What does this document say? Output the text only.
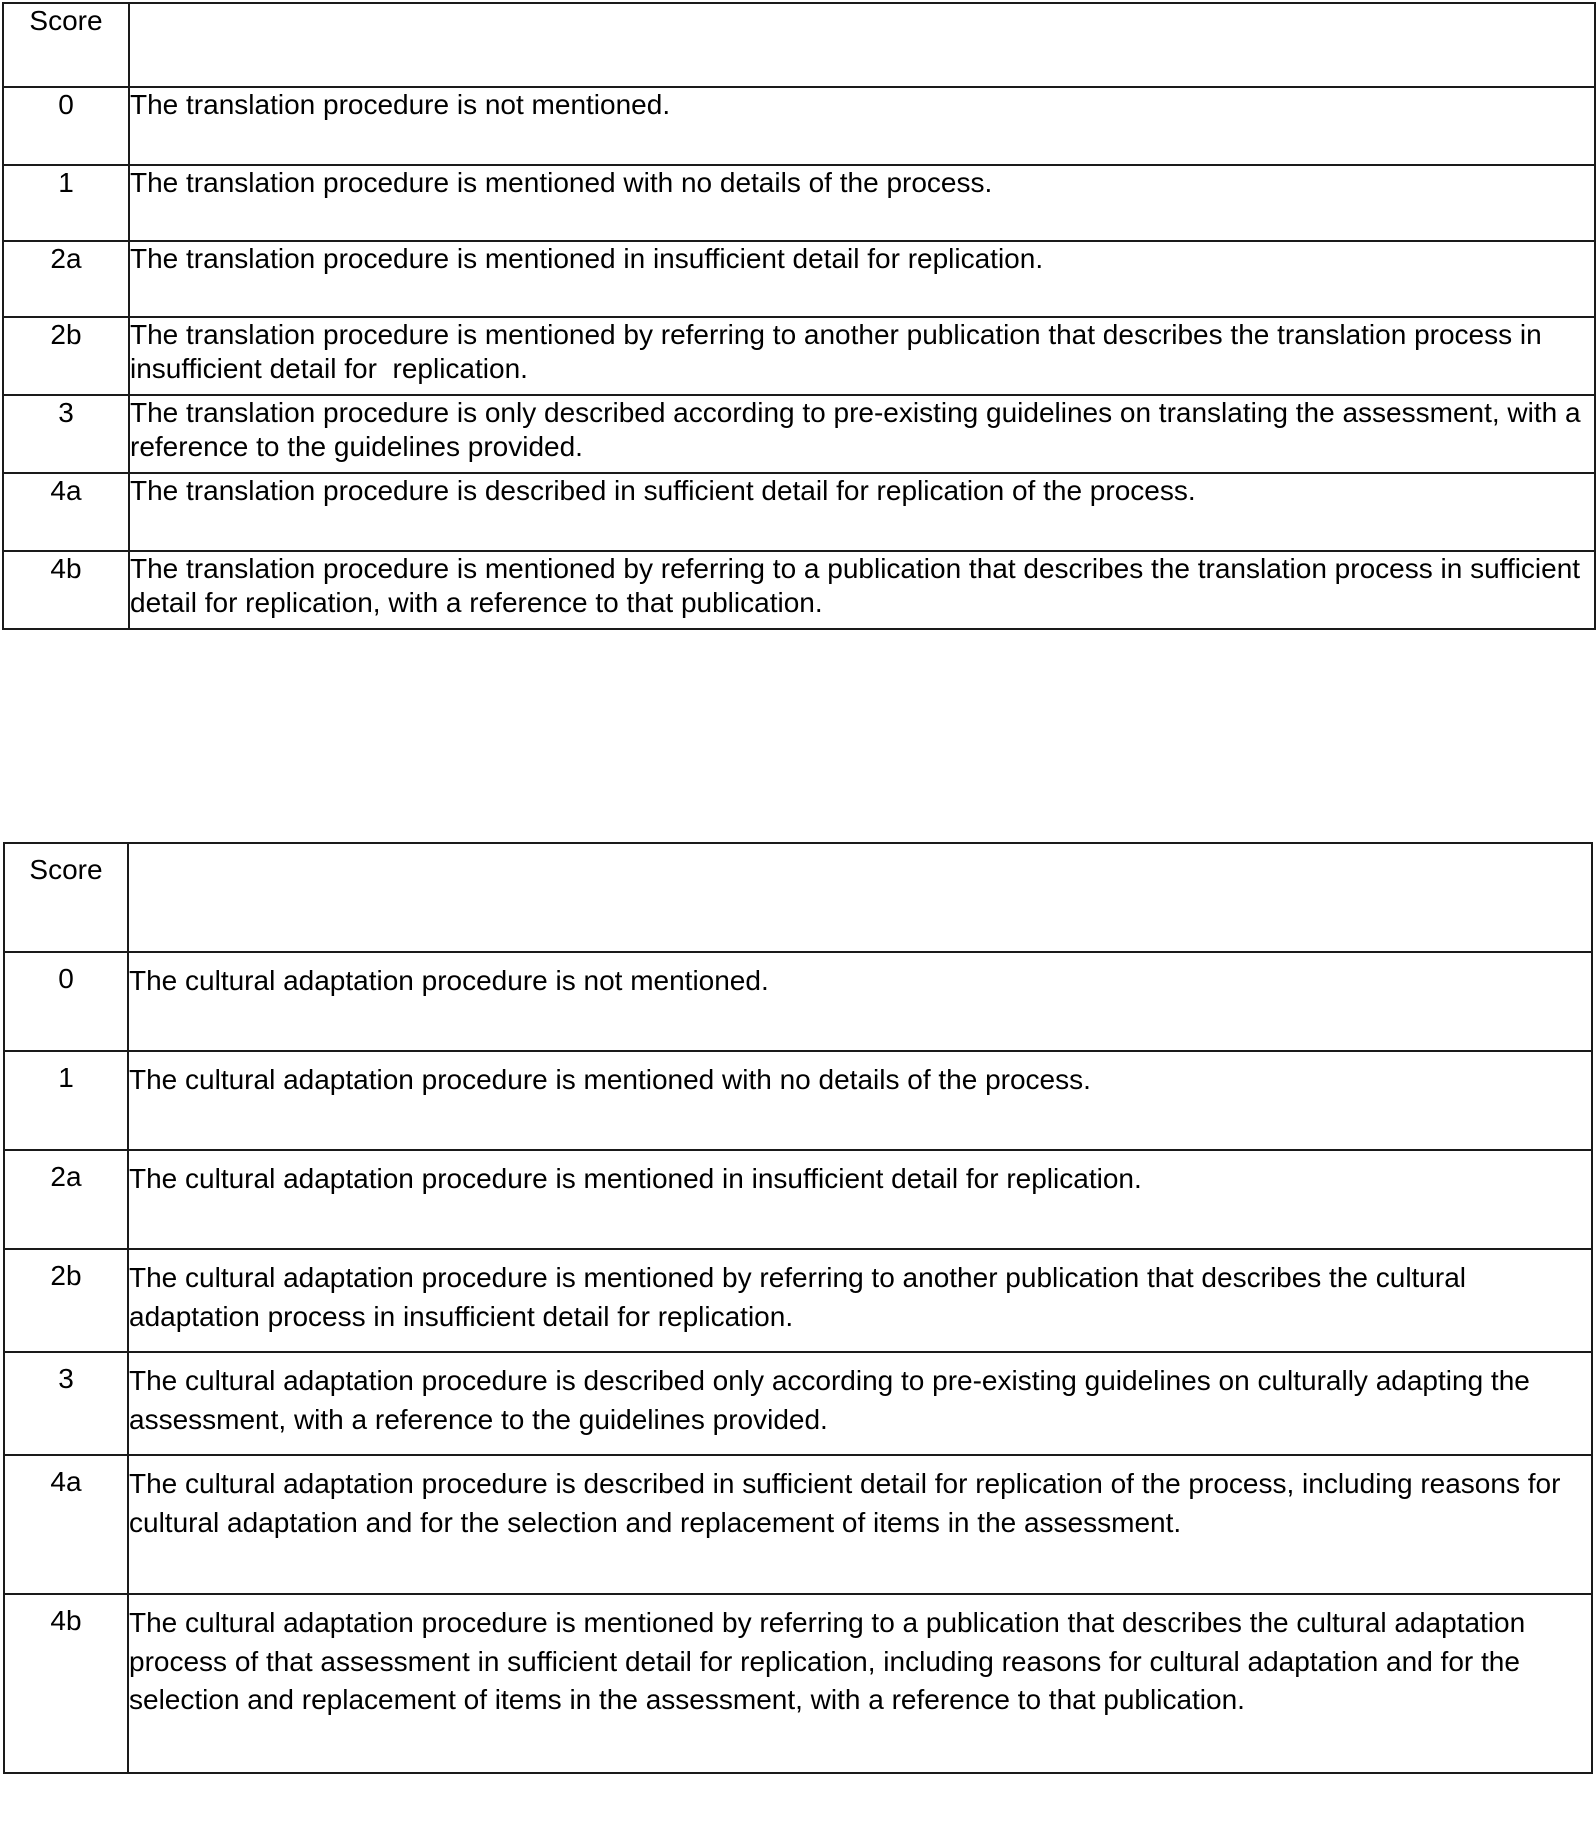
Score	

0	The translation procedure is not mentioned.

1	The translation procedure is mentioned with no details of the process.

2a	The translation procedure is mentioned in insufficient detail for replication.

2b	The translation procedure is mentioned by referring to another publication that describes the translation process in insufficient detail for  replication.

3	The translation procedure is only described according to pre-existing guidelines on translating the assessment, with a reference to the guidelines provided.

4a	The translation procedure is described in sufficient detail for replication of the process.

4b	The translation procedure is mentioned by referring to a publication that describes the translation process in sufficient detail for replication, with a reference to that publication.
Score	

0	The cultural adaptation procedure is not mentioned.

1	The cultural adaptation procedure is mentioned with no details of the process.

2a	The cultural adaptation procedure is mentioned in insufficient detail for replication.

2b	The cultural adaptation procedure is mentioned by referring to another publication that describes the cultural adaptation process in insufficient detail for replication.

3	The cultural adaptation procedure is described only according to pre-existing guidelines on culturally adapting the assessment, with a reference to the guidelines provided.

4a	The cultural adaptation procedure is described in sufficient detail for replication of the process, including reasons for cultural adaptation and for the selection and replacement of items in the assessment.

4b	The cultural adaptation procedure is mentioned by referring to a publication that describes the cultural adaptation process of that assessment in sufficient detail for replication, including reasons for cultural adaptation and for the selection and replacement of items in the assessment, with a reference to that publication.
